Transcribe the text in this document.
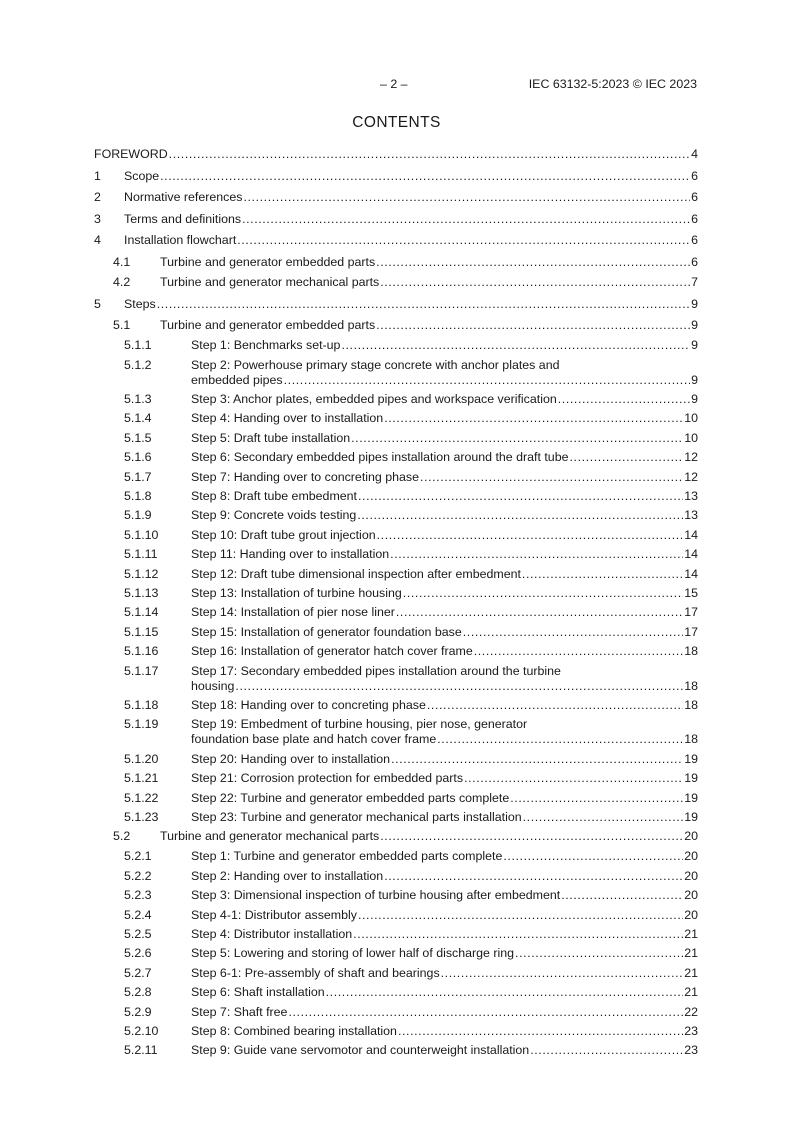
– 2 –	IEC 63132-5:2023 © IEC 2023
CONTENTS
FOREWORD .....	4
1 Scope .....	6
2 Normative references .....	6
3 Terms and definitions .....	6
4 Installation flowchart .....	6
4.1 Turbine and generator embedded parts .....	6
4.2 Turbine and generator mechanical parts .....	7
5 Steps .....	9
5.1 Turbine and generator embedded parts .....	9
5.1.1	Step 1: Benchmarks set-up .....	9
5.1.2	Step 2: Powerhouse primary stage concrete with anchor plates and
embedded pipes .....	9
5.1.3	Step 3: Anchor plates, embedded pipes and workspace verification .....	9
5.1.4	Step 4: Handing over to installation .....	10
5.1.5	Step 5: Draft tube installation .....	10
5.1.6	Step 6: Secondary embedded pipes installation around the draft tube .....	12
5.1.7	Step 7: Handing over to concreting phase .....	12
5.1.8	Step 8: Draft tube embedment .....	13
5.1.9	Step 9: Concrete voids testing .....	13
5.1.10	Step 10: Draft tube grout injection .....	14
5.1.11	Step 11: Handing over to installation .....	14
5.1.12	Step 12: Draft tube dimensional inspection after embedment .....	14
5.1.13	Step 13: Installation of turbine housing .....	15
5.1.14	Step 14: Installation of pier nose liner .....	17
5.1.15	Step 15: Installation of generator foundation base .....	17
5.1.16	Step 16: Installation of generator hatch cover frame .....	18
5.1.17	Step 17: Secondary embedded pipes installation around the turbine
housing .....	18
5.1.18	Step 18: Handing over to concreting phase .....	18
5.1.19	Step 19: Embedment of turbine housing, pier nose, generator
foundation base plate and hatch cover frame .....	18
5.1.20	Step 20: Handing over to installation .....	19
5.1.21	Step 21: Corrosion protection for embedded parts .....	19
5.1.22	Step 22: Turbine and generator embedded parts complete .....	19
5.1.23	Step 23: Turbine and generator mechanical parts installation .....	19
5.2 Turbine and generator mechanical parts .....	20
5.2.1	Step 1: Turbine and generator embedded parts complete .....	20
5.2.2	Step 2: Handing over to installation .....	20
5.2.3	Step 3: Dimensional inspection of turbine housing after embedment .....	20
5.2.4	Step 4-1: Distributor assembly .....	20
5.2.5	Step 4: Distributor installation .....	21
5.2.6	Step 5: Lowering and storing of lower half of discharge ring .....	21
5.2.7	Step 6-1: Pre-assembly of shaft and bearings .....	21
5.2.8	Step 6: Shaft installation .....	21
5.2.9	Step 7: Shaft free .....	22
5.2.10	Step 8: Combined bearing installation .....	23
5.2.11	Step 9: Guide vane servomotor and counterweight installation .....	23
